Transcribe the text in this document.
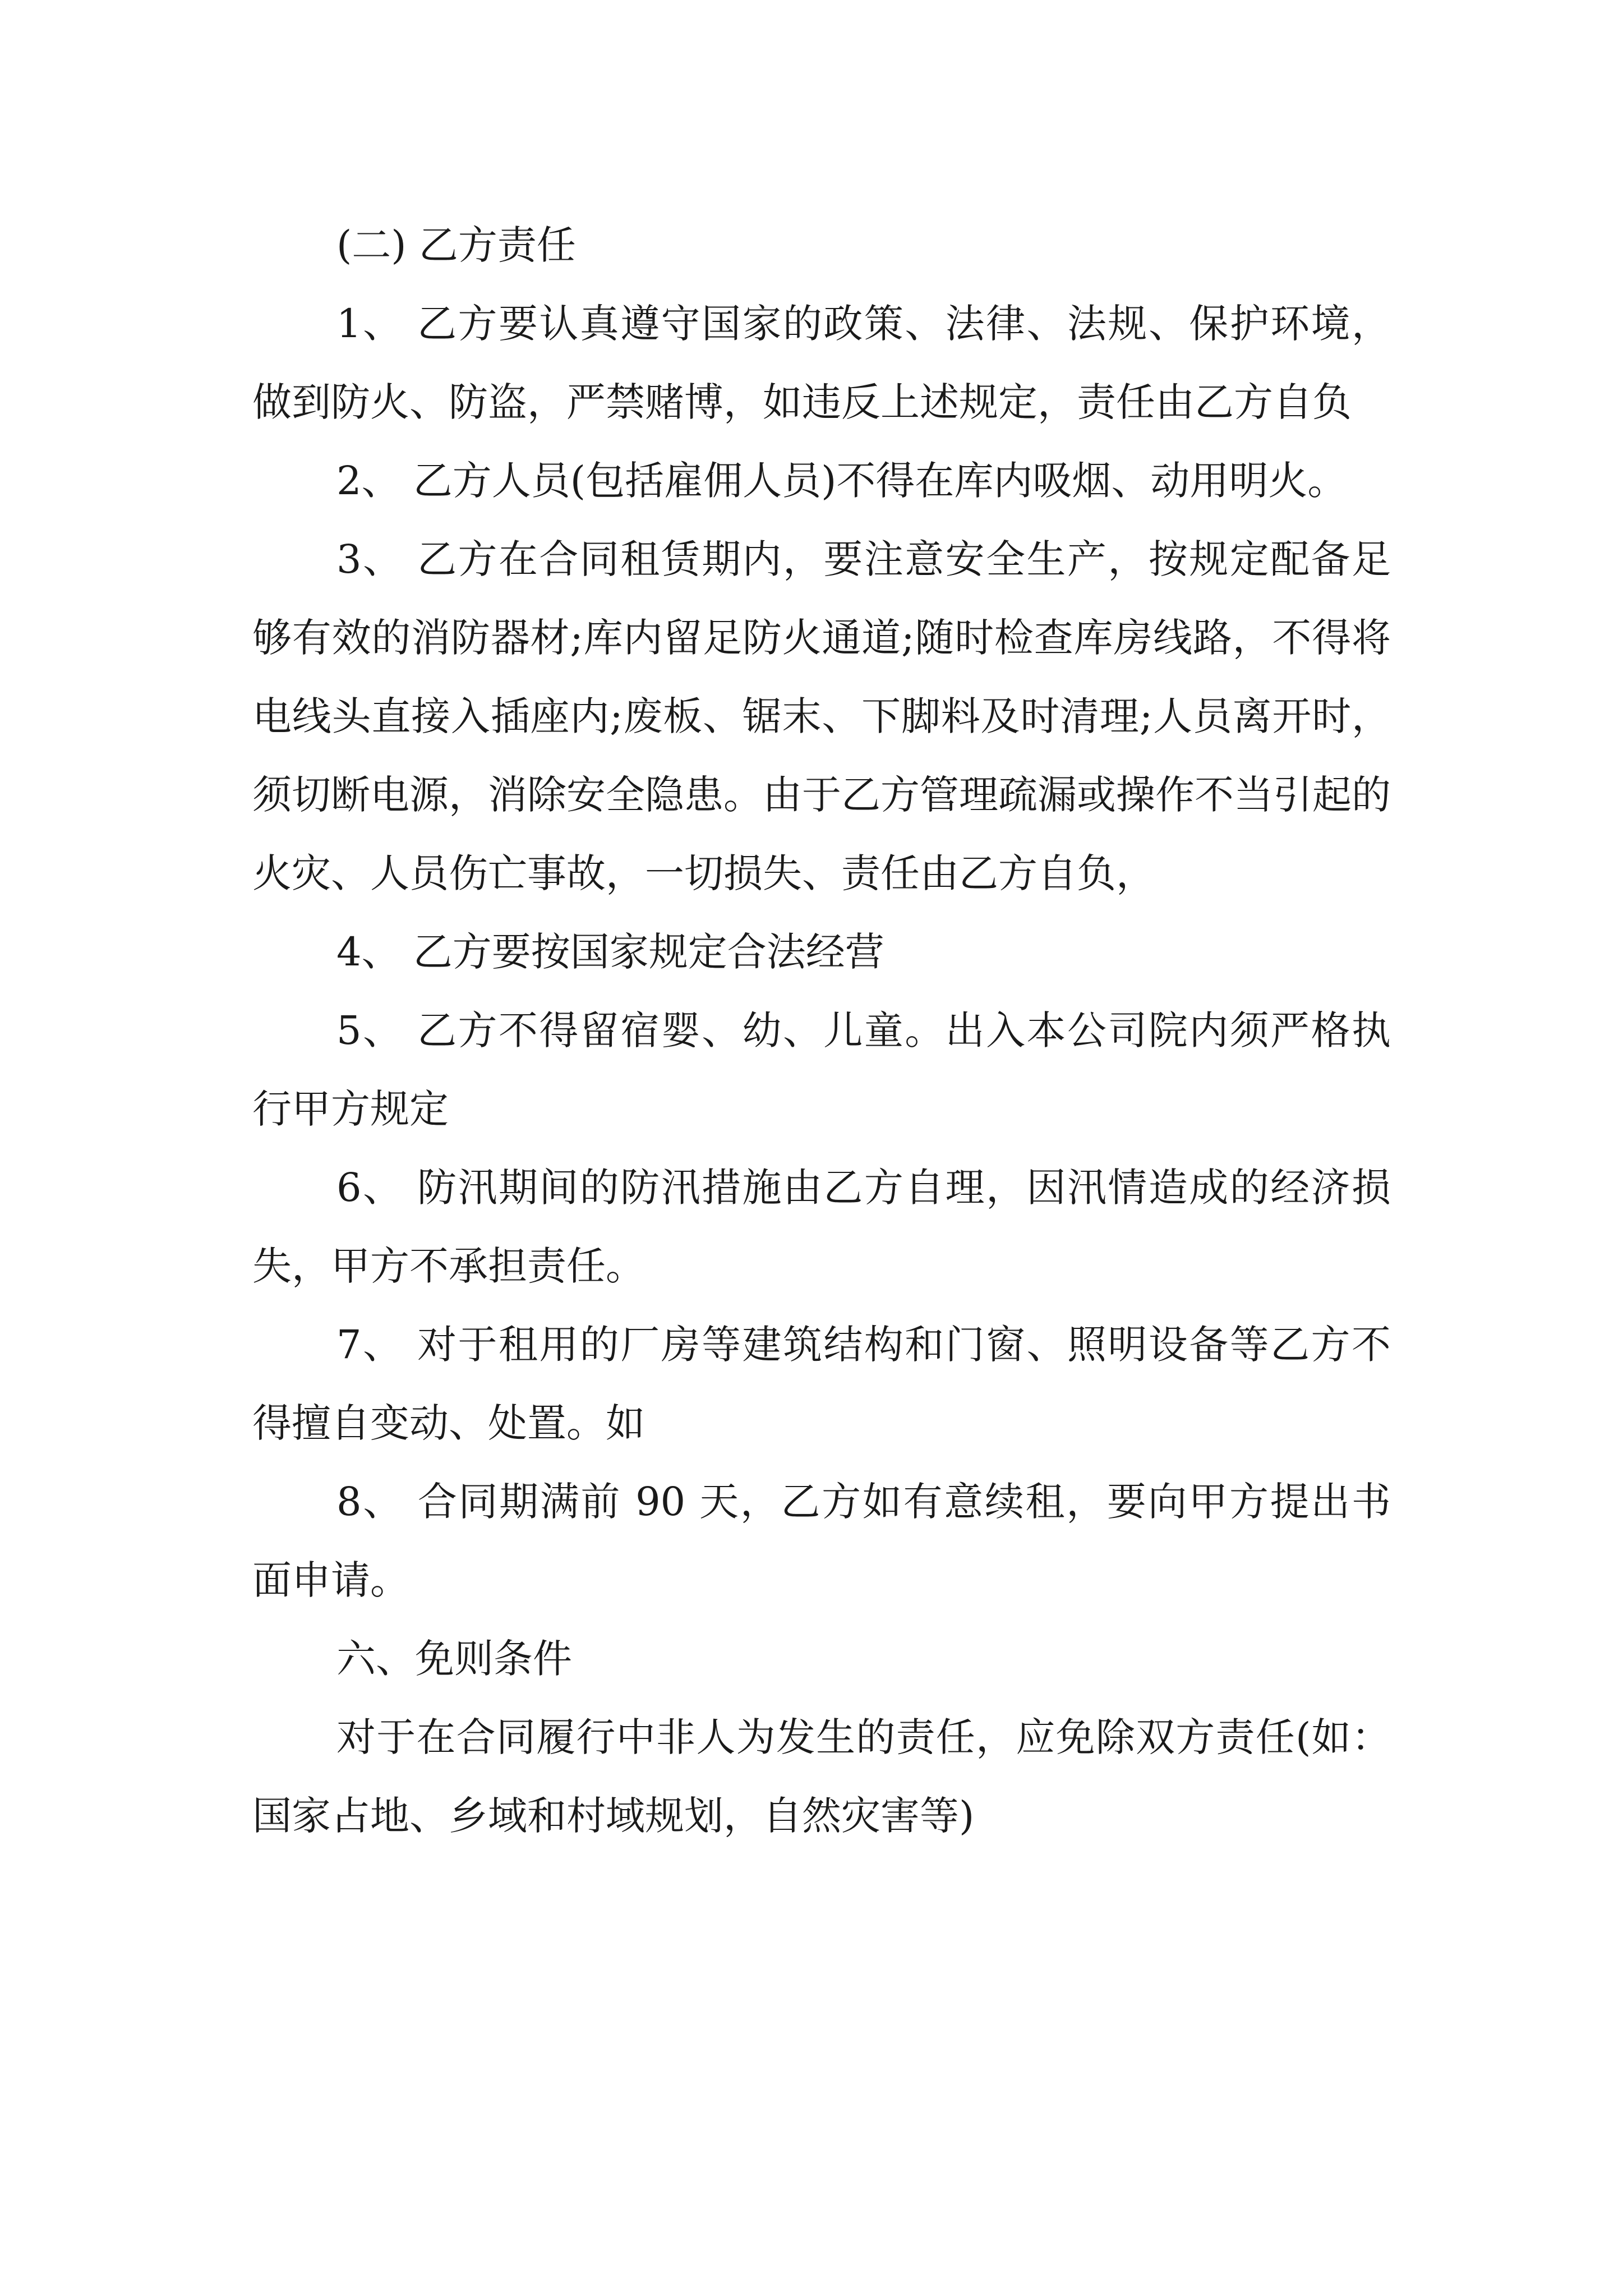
(二) 乙方责任

1、 乙方要认真遵守国家的政策、法律、法规、保护环境，做到防火、防盗，严禁赌博，如违反上述规定，责任由乙方自负

2、 乙方人员(包括雇佣人员)不得在库内吸烟、动用明火。

3、 乙方在合同租赁期内，要注意安全生产，按规定配备足够有效的消防器材;库内留足防火通道;随时检查库房线路，不得将电线头直接入插座内;废板、锯末、下脚料及时清理;人员离开时，须切断电源，消除安全隐患。由于乙方管理疏漏或操作不当引起的火灾、人员伤亡事故，一切损失、责任由乙方自负，

4、 乙方要按国家规定合法经营

5、 乙方不得留宿婴、幼、儿童。出入本公司院内须严格执行甲方规定

6、 防汛期间的防汛措施由乙方自理，因汛情造成的经济损失，甲方不承担责任。

7、 对于租用的厂房等建筑结构和门窗、照明设备等乙方不得擅自变动、处置。如

8、 合同期满前 90 天，乙方如有意续租，要向甲方提出书面申请。

六、免则条件

对于在合同履行中非人为发生的责任，应免除双方责任(如：国家占地、乡域和村域规划，自然灾害等)
